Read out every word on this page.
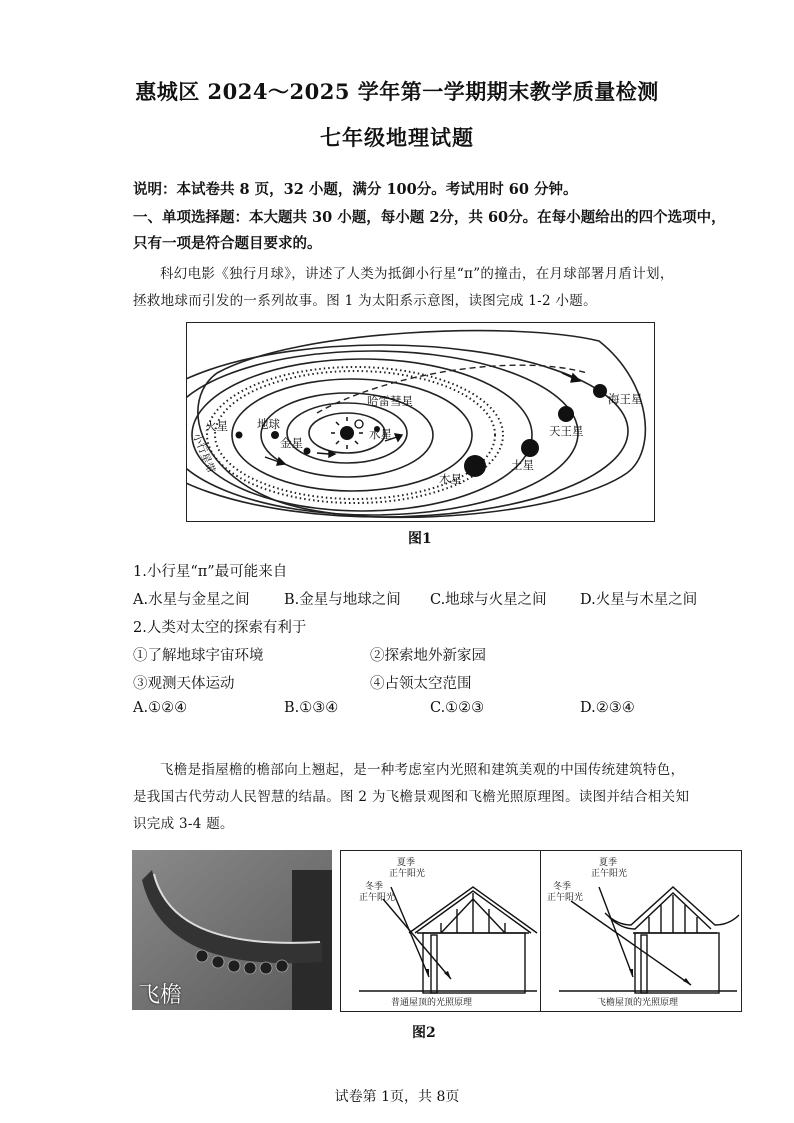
惠城区 2024～2025 学年第一学期期末教学质量检测
七年级地理试题
说明：本试卷共 8 页，32 小题，满分 100分。考试用时 60 分钟。
一、单项选择题：本大题共 30 小题，每小题 2分，共 60分。在每小题给出的四个选项中，
只有一项是符合题目要求的。
科幻电影《独行月球》，讲述了人类为抵御小行星“π”的撞击，在月球部署月盾计划，
拯救地球而引发的一系列故事。图 1 为太阳系示意图，读图完成 1-2 小题。
哈雷彗星
水星
金星
地球
火星
木星
土星
天王星
海王星
小行星带
图1
1.小行星“π”最可能来自
A.水星与金星之间 B.金星与地球之间 C.地球与火星之间 D.火星与木星之间
2.人类对太空的探索有利于
①了解地球宇宙环境	②探索地外新家园
③观测天体运动	④占领太空范围
A.①②④	B.①③④	C.①②③	D.②③④
飞檐是指屋檐的檐部向上翘起，是一种考虑室内光照和建筑美观的中国传统建筑特色，
是我国古代劳动人民智慧的结晶。图 2 为飞檐景观图和飞檐光照原理图。读图并结合相关知
识完成 3-4 题。
飞檐
夏季
正午阳光
冬季
正午阳光
普通屋顶的光照原理
夏季
正午阳光
冬季
正午阳光
飞檐屋顶的光照原理
图2
试卷第 1页，共 8页
